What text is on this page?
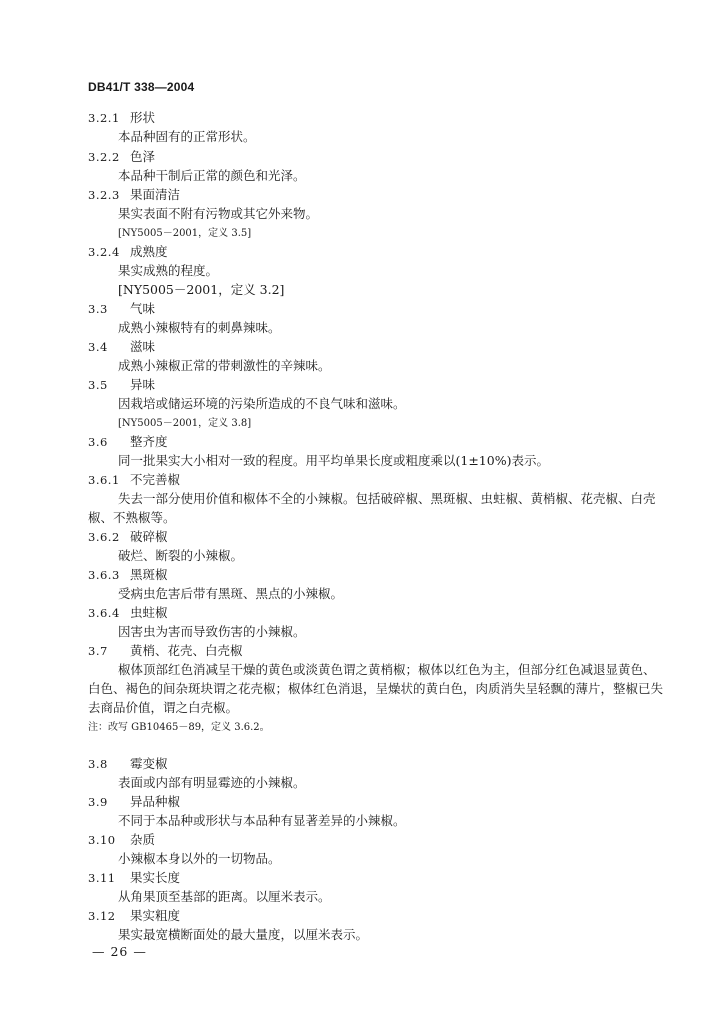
DB41/T 338—2004
3.2.1 形状
本品种固有的正常形状。
3.2.2 色泽
本品种干制后正常的颜色和光泽。
3.2.3 果面清洁
果实表面不附有污物或其它外来物。
[NY5005－2001，定义 3.5]
3.2.4 成熟度
果实成熟的程度。
[NY5005－2001，定义 3.2]
3.3 气味
成熟小辣椒特有的刺鼻辣味。
3.4 滋味
成熟小辣椒正常的带刺激性的辛辣味。
3.5 异味
因栽培或储运环境的污染所造成的不良气味和滋味。
[NY5005－2001，定义 3.8]
3.6 整齐度
同一批果实大小相对一致的程度。用平均单果长度或粗度乘以(1±10%)表示。
3.6.1 不完善椒
失去一部分使用价值和椒体不全的小辣椒。包括破碎椒、黑斑椒、虫蛀椒、黄梢椒、花壳椒、白壳
椒、不熟椒等。
3.6.2 破碎椒
破烂、断裂的小辣椒。
3.6.3 黑斑椒
受病虫危害后带有黑斑、黑点的小辣椒。
3.6.4 虫蛀椒
因害虫为害而导致伤害的小辣椒。
3.7 黄梢、花壳、白壳椒
椒体顶部红色消减呈干燥的黄色或淡黄色谓之黄梢椒；椒体以红色为主，但部分红色减退显黄色、
白色、褐色的间杂斑块谓之花壳椒；椒体红色消退，呈燥状的黄白色，肉质消失呈轻飘的薄片，整椒已失
去商品价值，谓之白壳椒。
注：改写 GB10465－89，定义 3.6.2。
3.8 霉变椒
表面或内部有明显霉迹的小辣椒。
3.9 异品种椒
不同于本品种或形状与本品种有显著差异的小辣椒。
3.10 杂质
小辣椒本身以外的一切物品。
3.11 果实长度
从角果顶至基部的距离。以厘米表示。
3.12 果实粗度
果实最宽横断面处的最大量度，以厘米表示。
— 26 —
